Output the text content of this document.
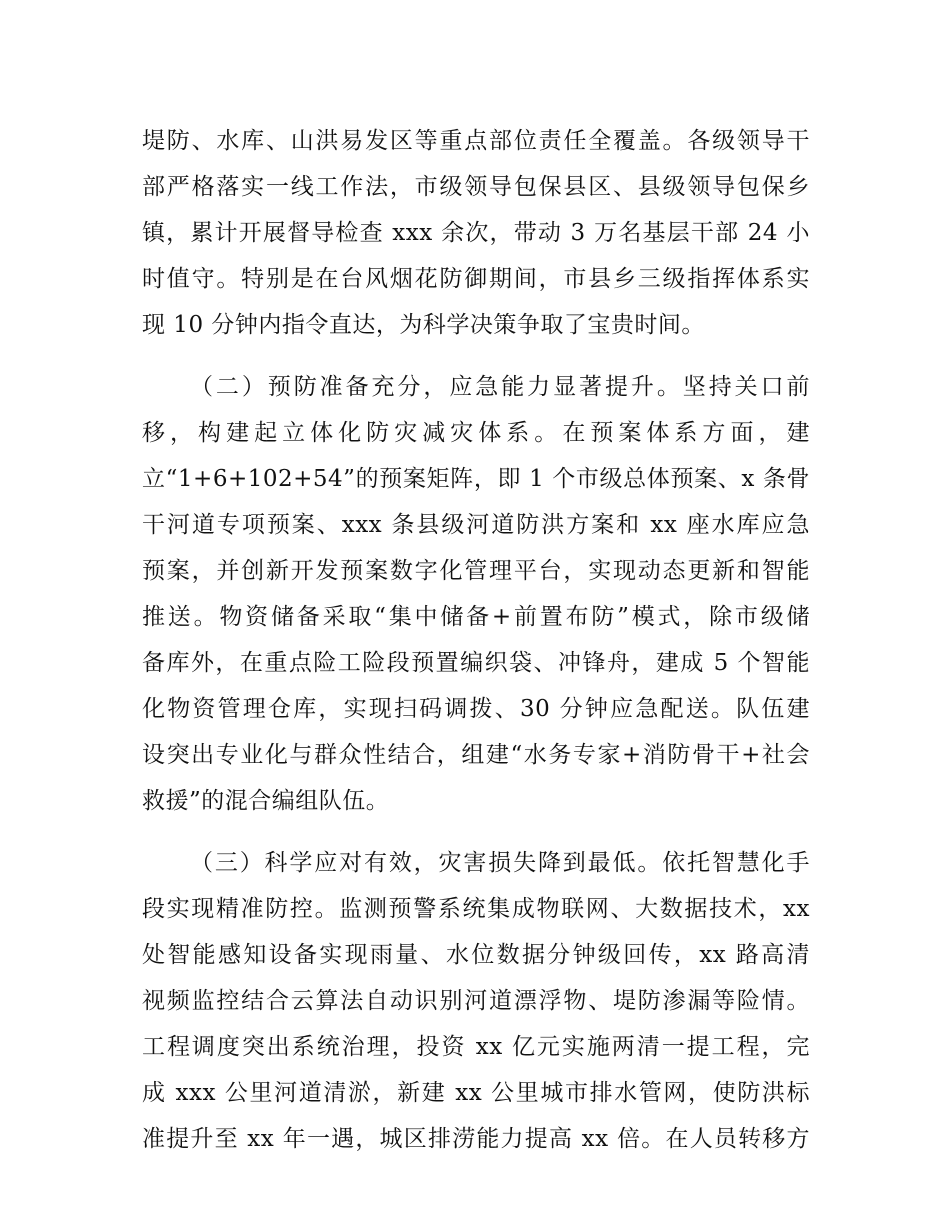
堤防、水库、山洪易发区等重点部位责任全覆盖。各级领导干
部严格落实一线工作法，市级领导包保县区、县级领导包保乡
镇，累计开展督导检查 xxx 余次，带动 3 万名基层干部 24 小
时值守。特别是在台风烟花防御期间，市县乡三级指挥体系实
现 10 分钟内指令直达，为科学决策争取了宝贵时间。
（二）预防准备充分，应急能力显著提升。坚持关口前
移，构建起立体化防灾减灾体系。在预案体系方面，建
立“1+6+102+54”的预案矩阵，即 1 个市级总体预案、x 条骨
干河道专项预案、xxx 条县级河道防洪方案和 xx 座水库应急
预案，并创新开发预案数字化管理平台，实现动态更新和智能
推送。物资储备采取“集中储备+前置布防”模式，除市级储
备库外，在重点险工险段预置编织袋、冲锋舟，建成 5 个智能
化物资管理仓库，实现扫码调拨、30 分钟应急配送。队伍建
设突出专业化与群众性结合，组建“水务专家+消防骨干+社会
救援”的混合编组队伍。
（三）科学应对有效，灾害损失降到最低。依托智慧化手
段实现精准防控。监测预警系统集成物联网、大数据技术，xx
处智能感知设备实现雨量、水位数据分钟级回传，xx 路高清
视频监控结合云算法自动识别河道漂浮物、堤防渗漏等险情。
工程调度突出系统治理，投资 xx 亿元实施两清一提工程，完
成 xxx 公里河道清淤，新建 xx 公里城市排水管网，使防洪标
准提升至 xx 年一遇，城区排涝能力提高 xx 倍。在人员转移方
